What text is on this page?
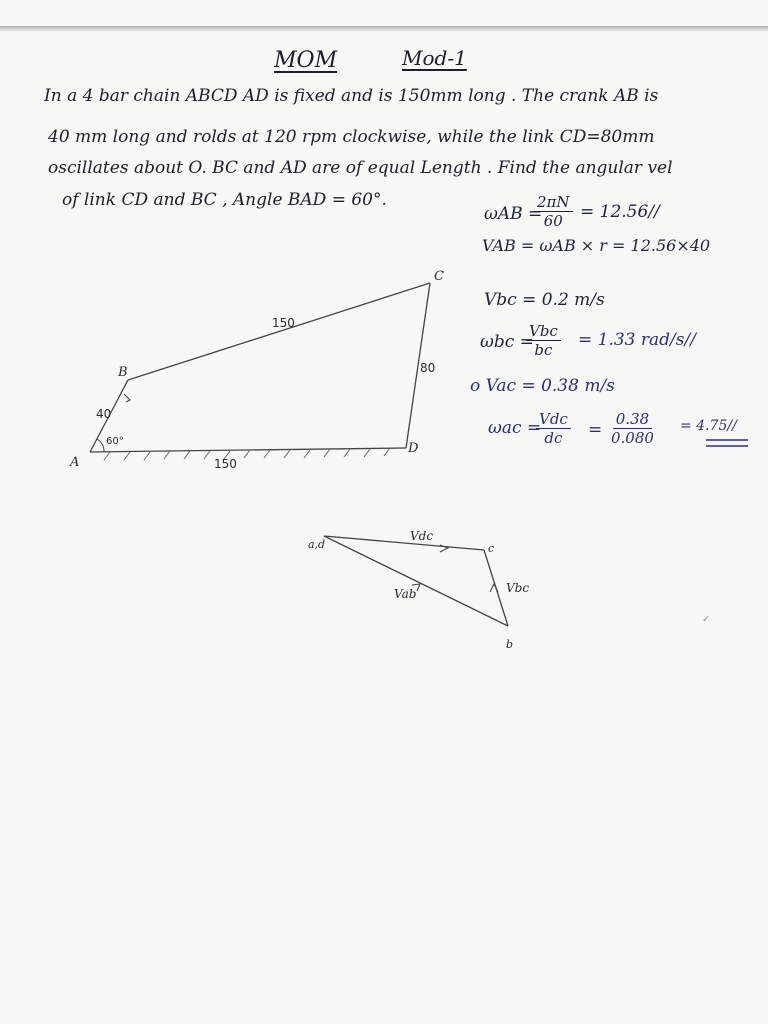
MOM	Mod-1
In a 4 bar chain ABCD AD is fixed and is 150mm long . The crank AB is
40 mm long and rolds at 120 rpm clockwise, while the link CD=80mm
oscillates about O. BC and AD are of equal Length . Find the angular vel
of link CD and BC , Angle BAD = 60°.
ωAB =
$\frac{2\pi N}{60} = 12.56//$
VAB = ωAB × r = 12.56×40
Vbc = 0.2 m/s
ωbc =
Vbc
bc = 1.33 rad/s//
o Vac = 0.38 m/s
ωac =
Vdc
dc = $\frac{0.38}{0.080} = 4.75//$
A
B
C
D
40
150
80
150
60°
a,d	c
b
Vdc
Vab	Vbc
✓
